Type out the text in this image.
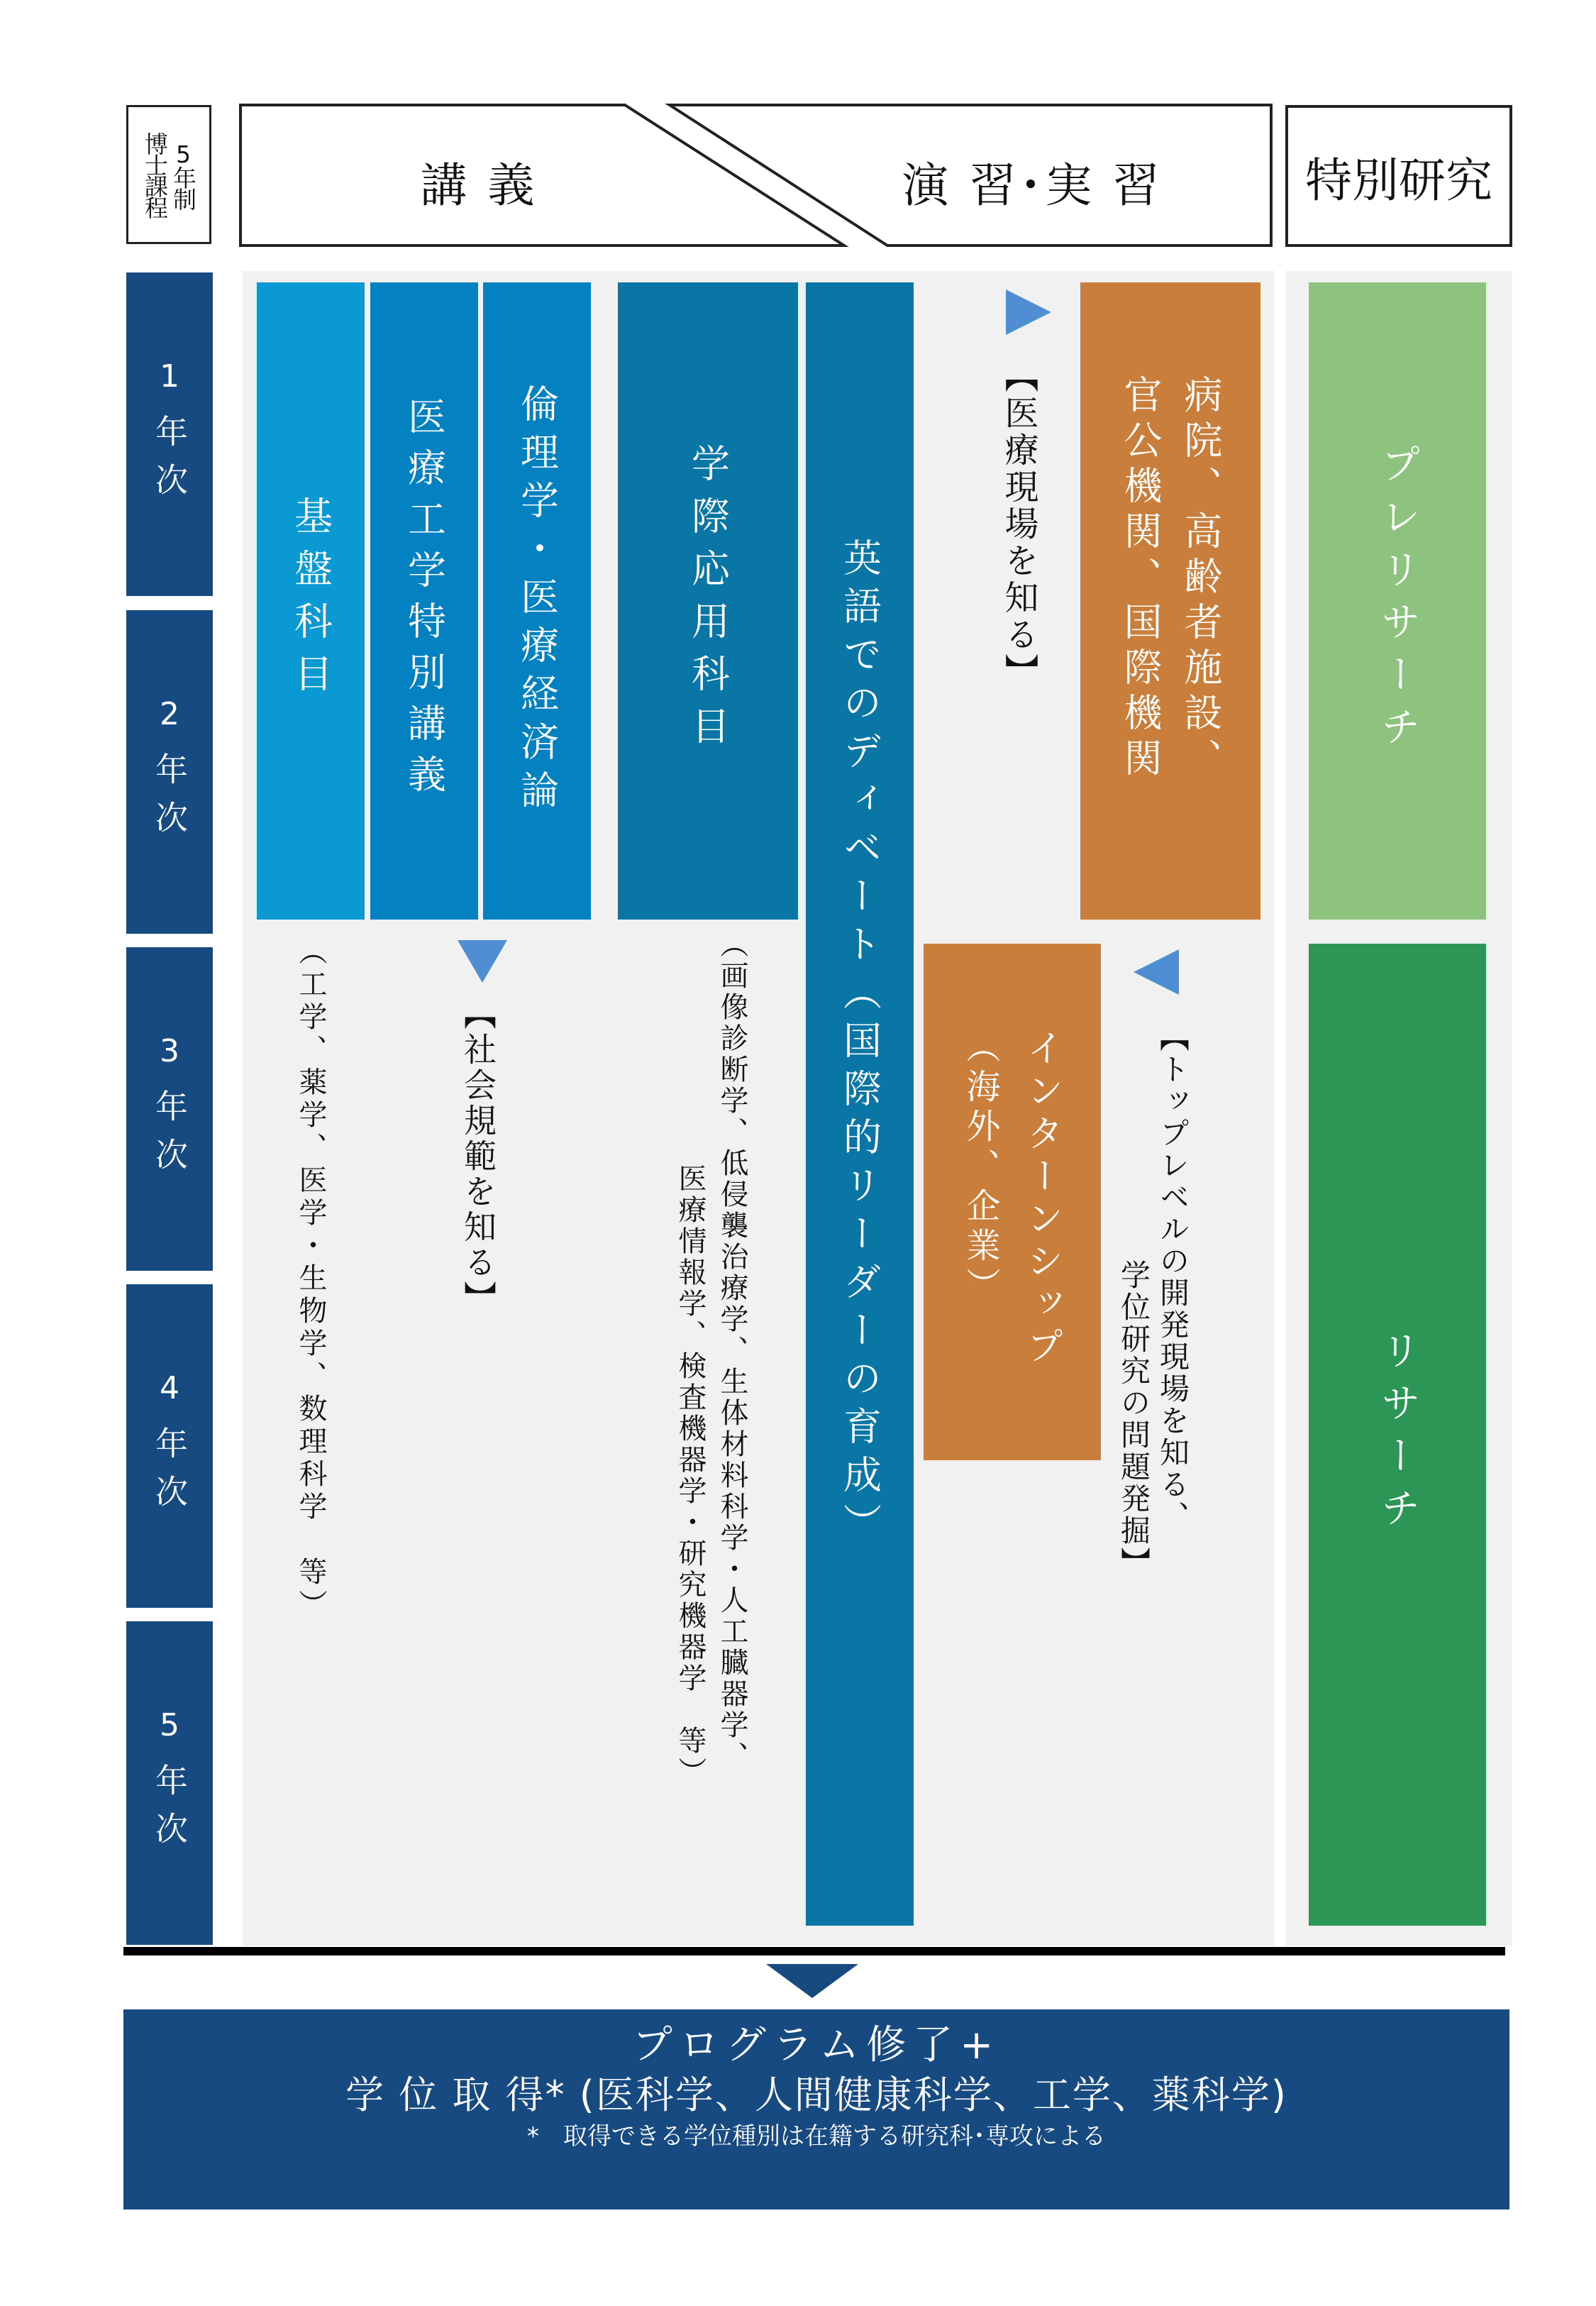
博士課程 5年制	講 義	演 習･実 習	特別研究
1
年次
2
年次
3
年次
4
年次
5
年次
基盤科目 医療工学特別講義 倫理学･医療経済論	学際応用科目
（工学、薬学、医学･生物学、数理科学　等）	【社会規範を知る】	（画像診断学、低侵襲治療学、生体材料科学･人工臓器学、
医療情報学、検査機器学･研究機器学　等）	英語でのディベート（国際的リーダーの育成）
【医療現場を知る】	病院、高齢者施設、
官公機関、国際機関
インターンシップ
（海外、企業）	【トップレベルの開発現場を知る、
学位研究の問題発掘】
プレリサーチ
リサーチ
プログラム修了+
学 位 取 得* (医科学、人間健康科学、工学、薬科学)
*　取得できる学位種別は在籍する研究科･専攻による
